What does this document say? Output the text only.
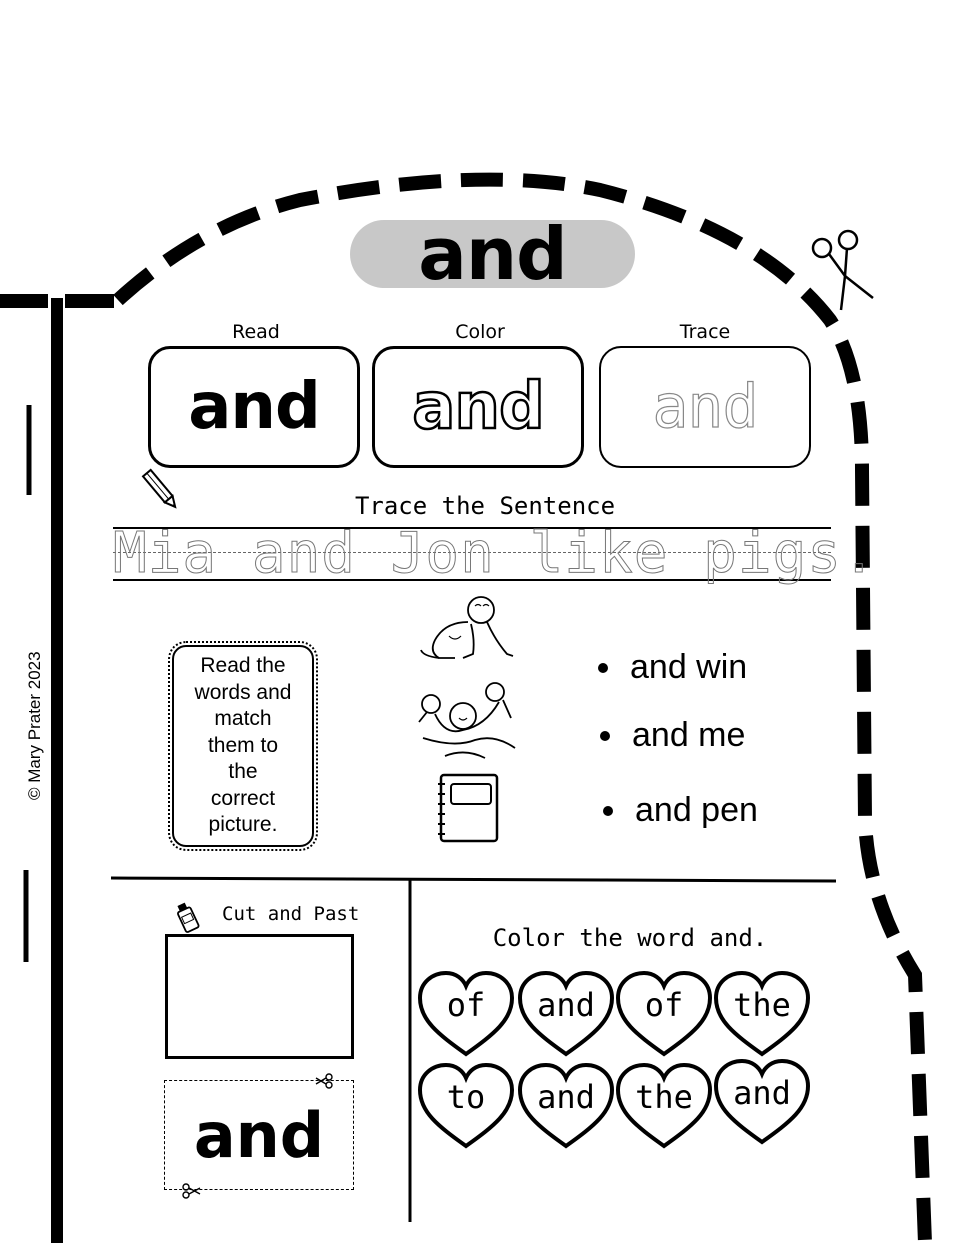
and
Read	Color	Trace
and and and
Trace the Sentence
Mia and Jon like pigs.
Read the
words and
match
them to
the
correct
picture.
and win
and me
and pen
© Mary Prater 2023
Cut and Past
and
Color the word and.
of	and	of	the
to	and	the	and
